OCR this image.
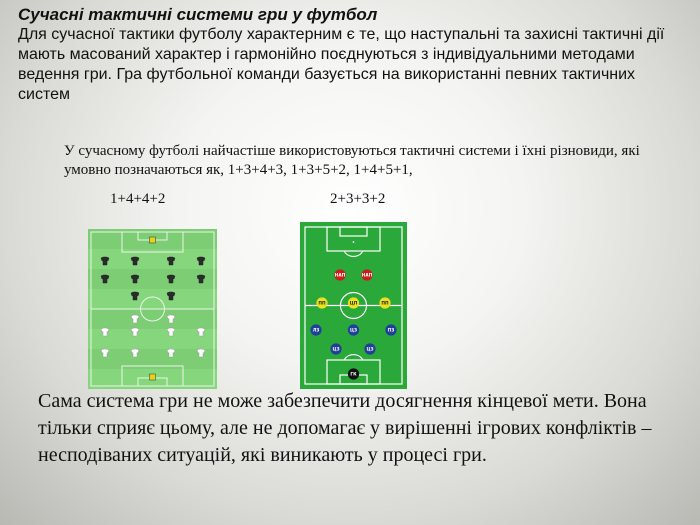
Сучасні тактичні системи гри у футбол
Для сучасної тактики футболу характерним є те, що наступальні та захисні тактичні дії мають масований характер і гармонійно поєднуються з індивідуальними методами ведення гри. Гра футбольної команди базується на використанні певних тактичних систем
У сучасному футболі найчастіше використовуються тактичні системи і їхні різновиди, які умовно позначаються як, 1+3+4+3, 1+3+5+2, 1+4+5+1,
1+4+4+2	2+3+3+2
НАП	НАП
ПП	ЦП	ПП
ЛЗ	ЦЗ	ПЗ
ЦЗ	ЦЗ
ГК
Сама система гри не може забезпечити досягнення кінцевої мети. Вона тільки сприяє цьому, але не допомагає у вирішенні ігрових конфліктів – несподіваних ситуацій, які виникають у процесі гри.
